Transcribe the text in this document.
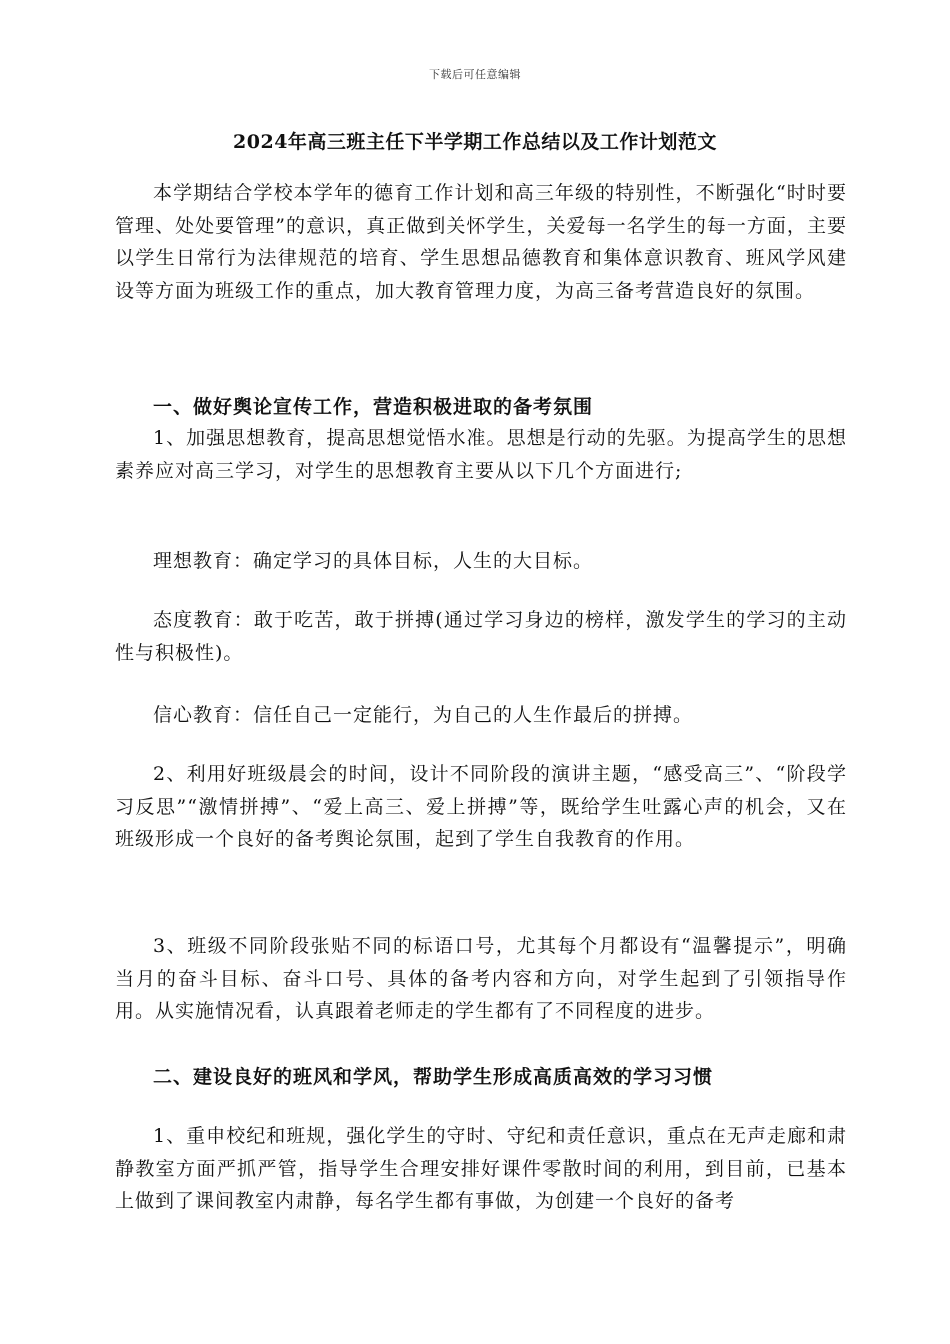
下载后可任意编辑
2024年高三班主任下半学期工作总结以及工作计划范文
本学期结合学校本学年的德育工作计划和高三年级的特别性，不断强化“时时要管理、处处要管理”的意识，真正做到关怀学生，关爱每一名学生的每一方面，主要以学生日常行为法律规范的培育、学生思想品德教育和集体意识教育、班风学风建设等方面为班级工作的重点，加大教育管理力度，为高三备考营造良好的氛围。
一、做好舆论宣传工作，营造积极进取的备考氛围
1、加强思想教育，提高思想觉悟水准。思想是行动的先驱。为提高学生的思想素养应对高三学习，对学生的思想教育主要从以下几个方面进行;
理想教育：确定学习的具体目标，人生的大目标。
态度教育：敢于吃苦，敢于拼搏(通过学习身边的榜样，激发学生的学习的主动性与积极性)。
信心教育：信任自己一定能行，为自己的人生作最后的拼搏。
2、利用好班级晨会的时间，设计不同阶段的演讲主题，“感受高三”、“阶段学习反思”“激情拼搏”、“爱上高三、爱上拼搏”等，既给学生吐露心声的机会，又在班级形成一个良好的备考舆论氛围，起到了学生自我教育的作用。
3、班级不同阶段张贴不同的标语口号，尤其每个月都设有“温馨提示”，明确当月的奋斗目标、奋斗口号、具体的备考内容和方向，对学生起到了引领指导作用。从实施情况看，认真跟着老师走的学生都有了不同程度的进步。
二、建设良好的班风和学风，帮助学生形成高质高效的学习习惯
1、重申校纪和班规，强化学生的守时、守纪和责任意识，重点在无声走廊和肃静教室方面严抓严管，指导学生合理安排好课件零散时间的利用，到目前，已基本上做到了课间教室内肃静，每名学生都有事做，为创建一个良好的备考
